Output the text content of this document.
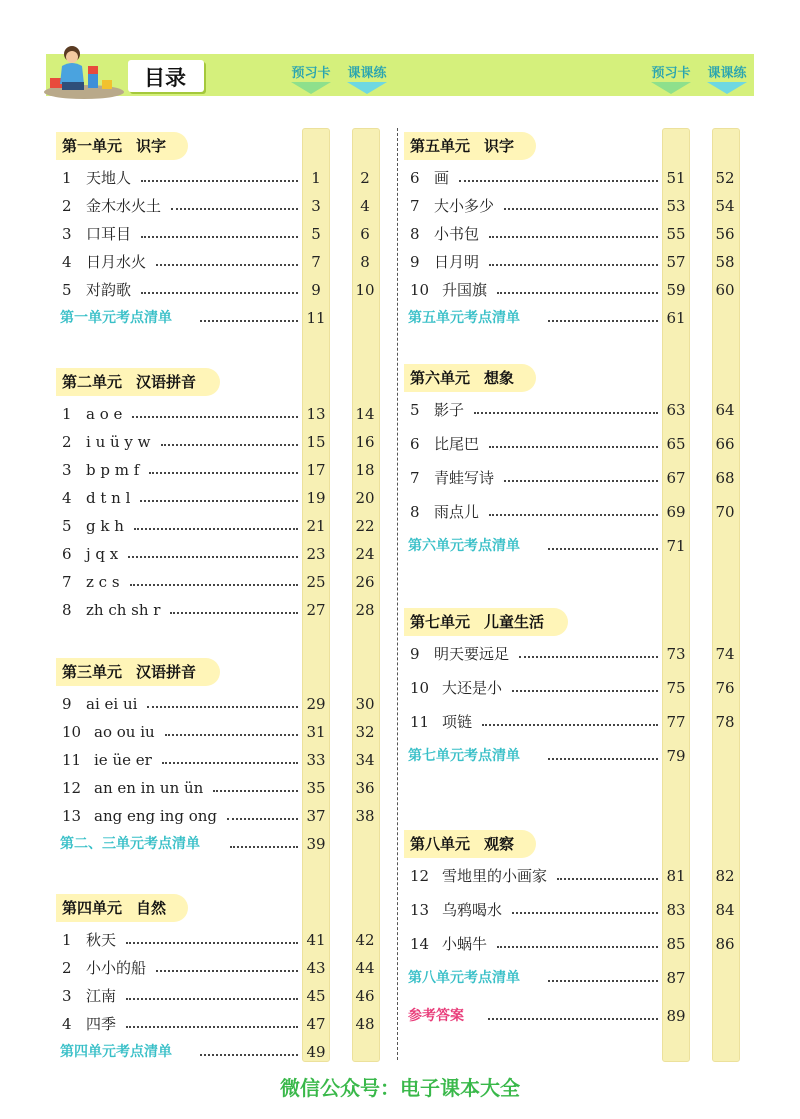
目录	预习卡	课课练	预习卡	课课练
第一单元 识字
1 天地人	1	2
2 金木水火土	3	4
3 口耳目	5	6
4 日月水火	7	8
5 对韵歌	9	10
第一单元考点清单	11
第二单元 汉语拼音
1 a o e	13	14
2 i u ü y w	15	16
3 b p m f	17	18
4 d t n l	19	20
5 g k h	21	22
6 j q x	23	24
7 z c s	25	26
8 zh ch sh r	27	28
第三单元 汉语拼音
9 ai ei ui	29	30
10 ao ou iu	31	32
11 ie üe er	33	34
12 an en in un ün	35	36
13 ang eng ing ong	37	38
第二、三单元考点清单	39
第四单元 自然
1 秋天	41	42
2 小小的船	43	44
3 江南	45	46
4 四季	47	48
第四单元考点清单	49
第五单元 识字
6 画	51	52
7 大小多少	53	54
8 小书包	55	56
9 日月明	57	58
10 升国旗	59	60
第五单元考点清单	61
第六单元 想象
5 影子	63	64
6 比尾巴	65	66
7 青蛙写诗	67	68
8 雨点儿	69	70
第六单元考点清单	71
第七单元 儿童生活
9 明天要远足	73	74
10 大还是小	75	76
11 项链	77	78
第七单元考点清单	79
第八单元 观察
12 雪地里的小画家	81	82
13 乌鸦喝水	83	84
14 小蜗牛	85	86
第八单元考点清单	87
参考答案	89
微信公众号：电子课本大全
